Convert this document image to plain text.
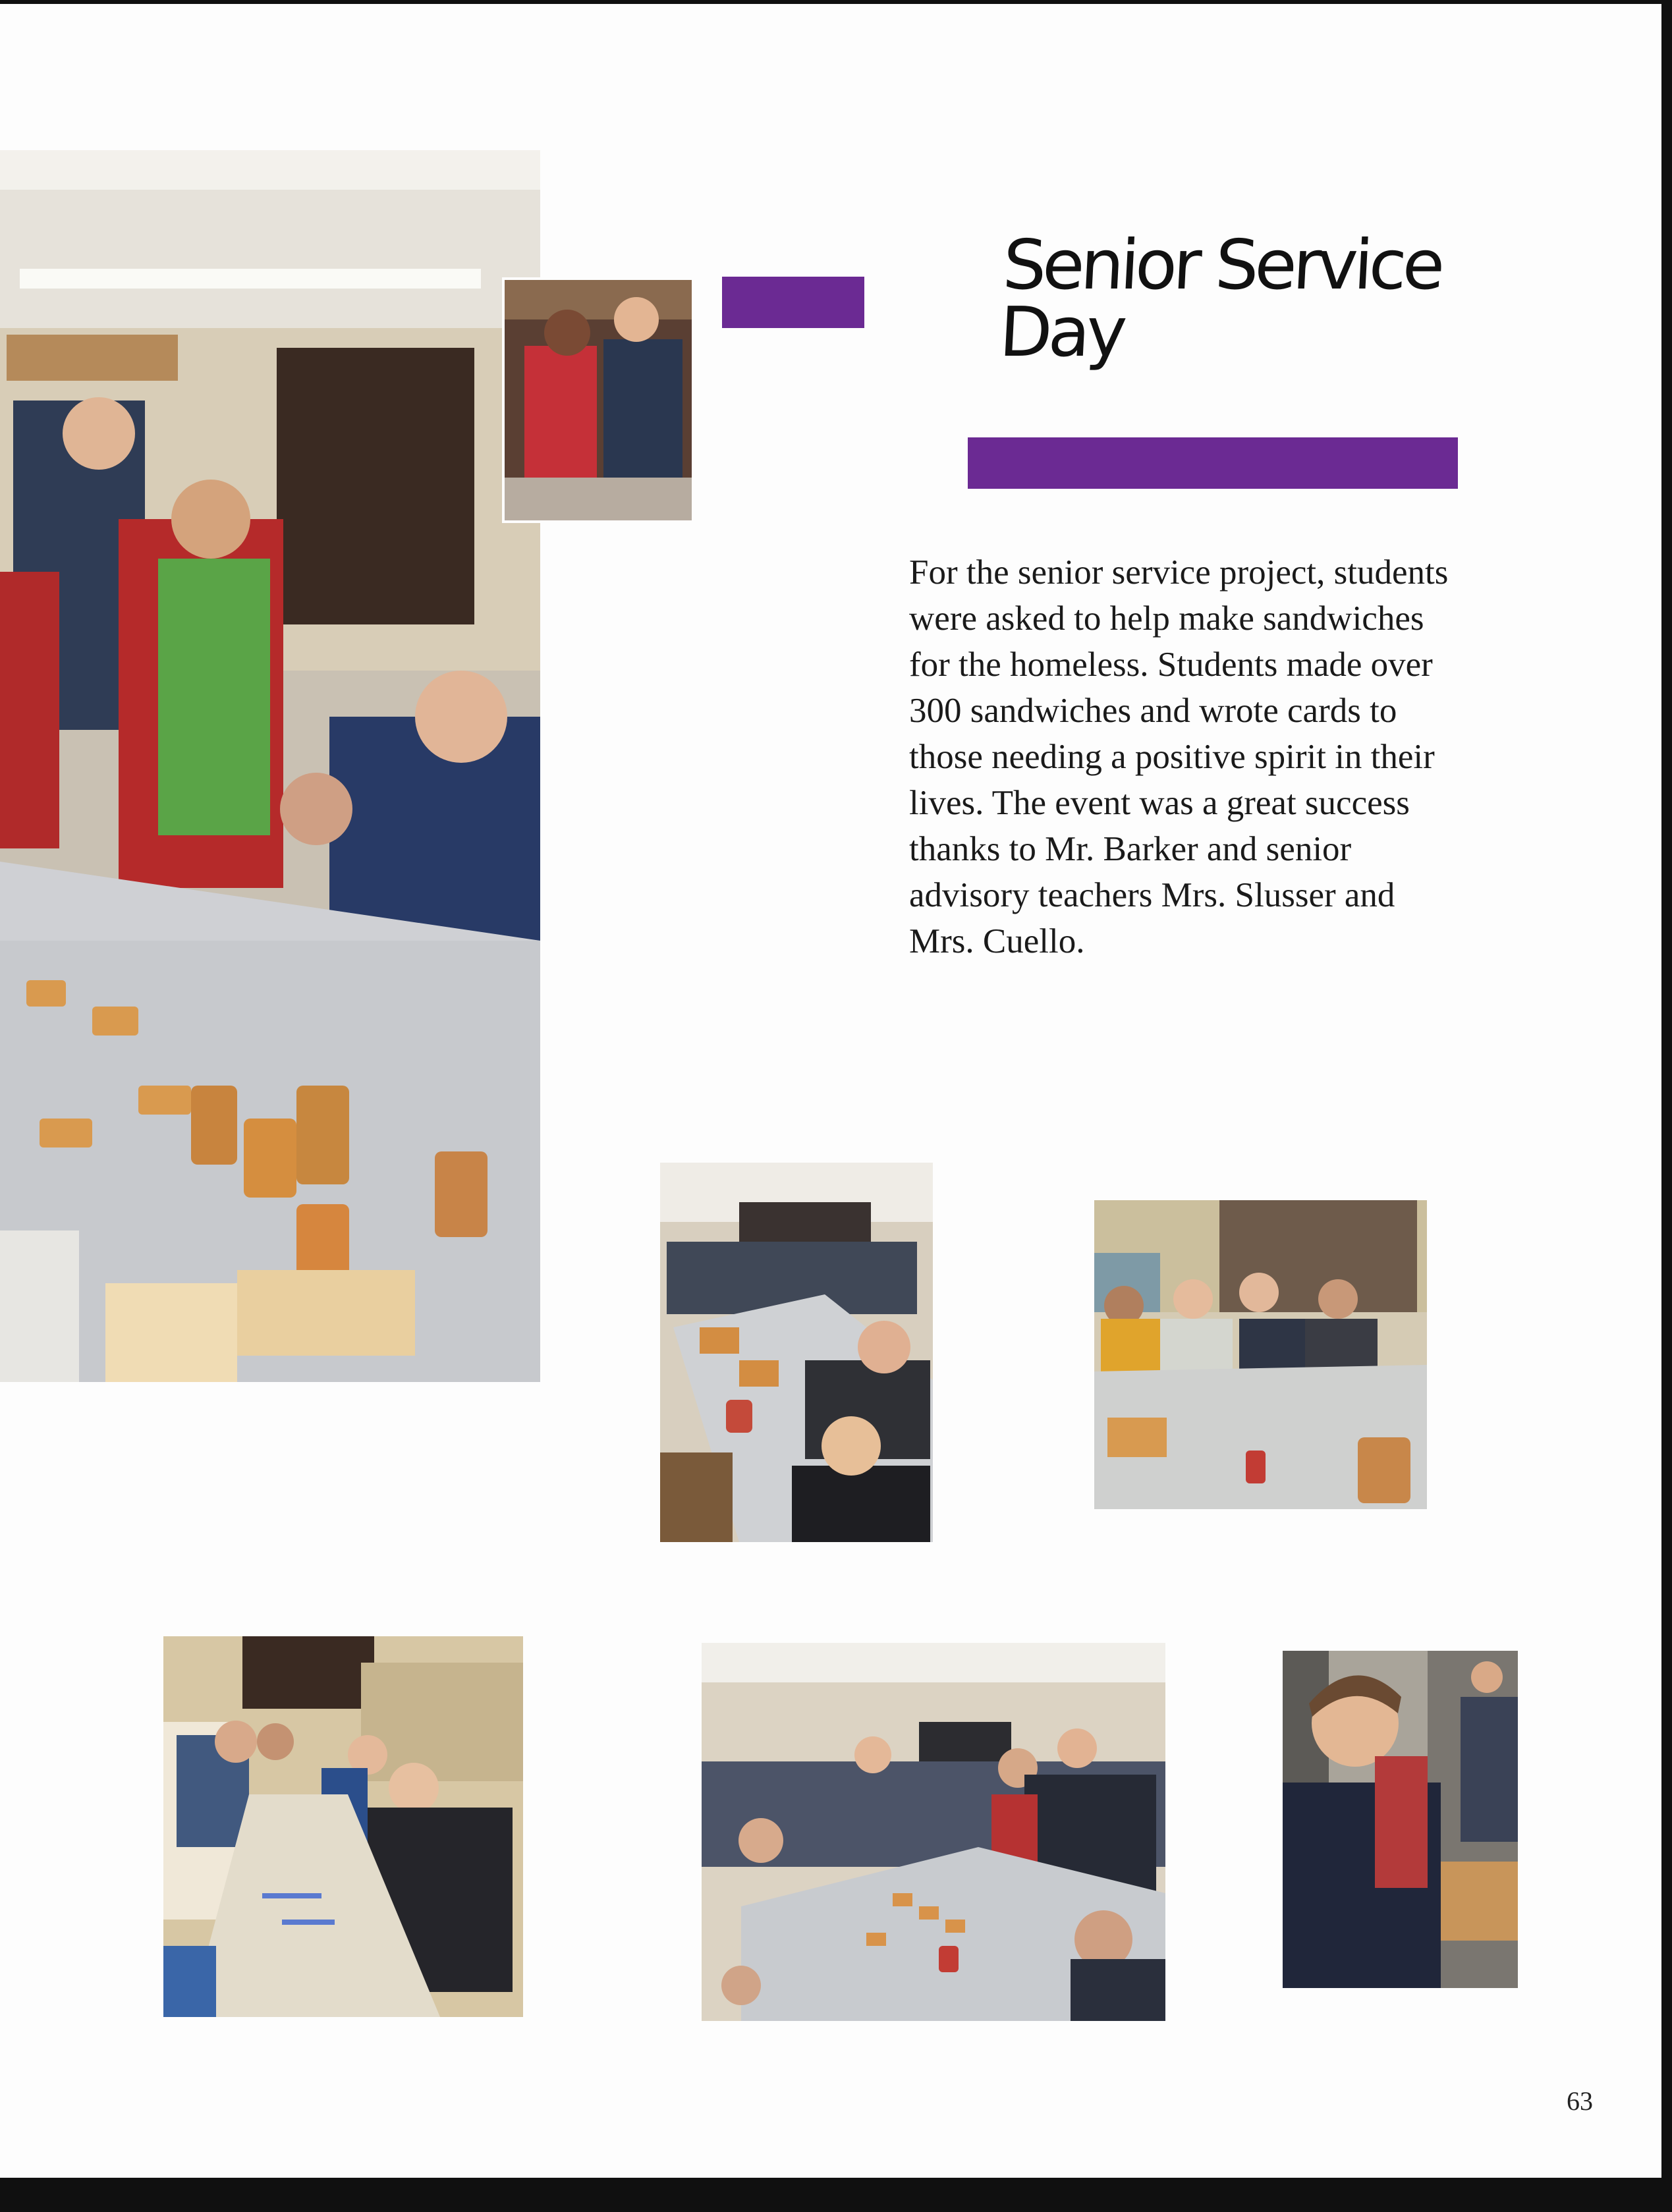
Senior Service
Day

For the senior service project, students were asked to help make sandwiches for the homeless. Students made over 300 sandwiches and wrote cards to those needing a positive spirit in their lives. The event was a great success thanks to Mr. Barker and senior advisory teachers Mrs. Slusser and Mrs. Cuello.

63
